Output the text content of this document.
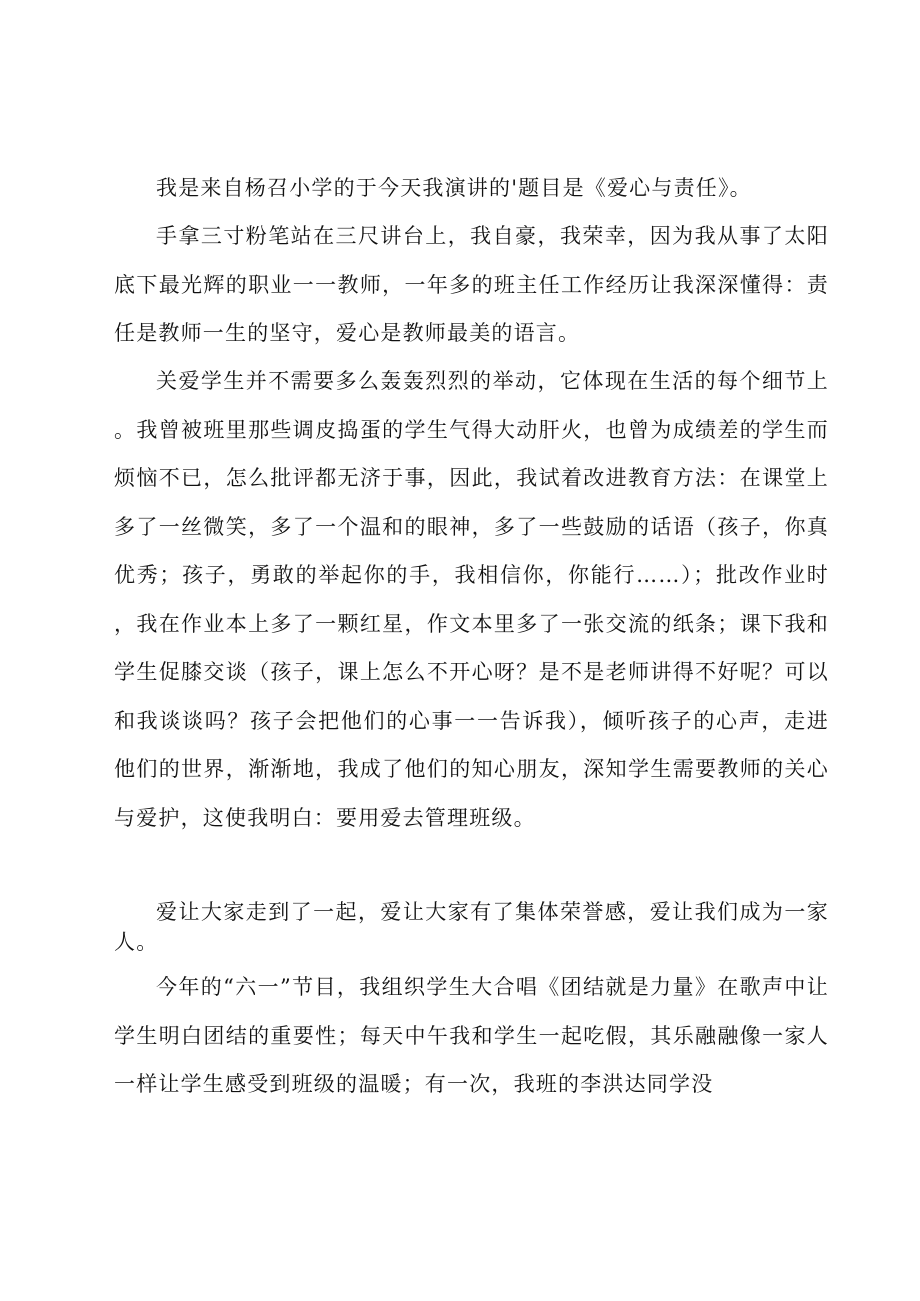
我是来自杨召小学的于今天我演讲的'题目是《爱心与责任》。

手拿三寸粉笔站在三尺讲台上，我自豪，我荣幸，因为我从事了太阳底下最光辉的职业一一教师，一年多的班主任工作经历让我深深懂得：责任是教师一生的坚守，爱心是教师最美的语言。

关爱学生并不需要多么轰轰烈烈的举动，它体现在生活的每个细节上。我曾被班里那些调皮捣蛋的学生气得大动肝火，也曾为成绩差的学生而烦恼不已，怎么批评都无济于事，因此，我试着改进教育方法：在课堂上多了一丝微笑，多了一个温和的眼神，多了一些鼓励的话语（孩子，你真优秀；孩子，勇敢的举起你的手，我相信你，你能行……）；批改作业时，我在作业本上多了一颗红星，作文本里多了一张交流的纸条；课下我和学生促膝交谈（孩子，课上怎么不开心呀？是不是老师讲得不好呢？可以和我谈谈吗？孩子会把他们的心事一一告诉我），倾听孩子的心声，走进他们的世界，渐渐地，我成了他们的知心朋友，深知学生需要教师的关心与爱护，这使我明白：要用爱去管理班级。

爱让大家走到了一起，爱让大家有了集体荣誉感，爱让我们成为一家人。

今年的“六一”节目，我组织学生大合唱《团结就是力量》在歌声中让学生明白团结的重要性；每天中午我和学生一起吃假，其乐融融像一家人一样让学生感受到班级的温暖；有一次，我班的李洪达同学没
